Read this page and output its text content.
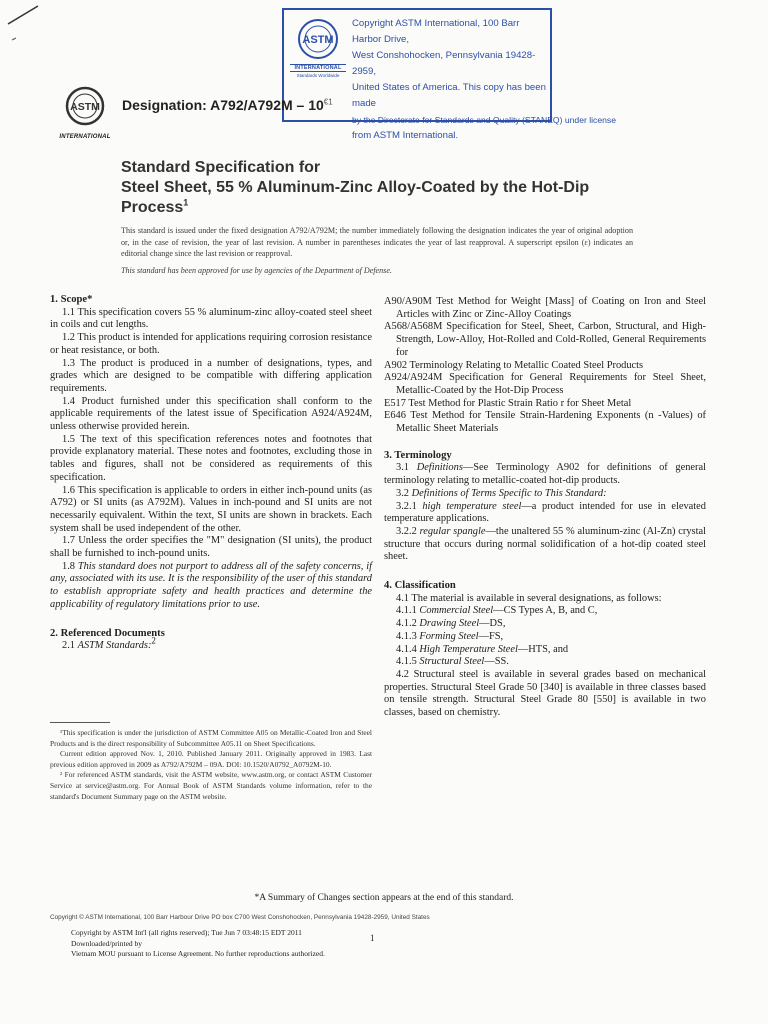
ASTM
INTERNATIONAL
Standards Worldwide
Copyright ASTM International, 100 Barr Harbor Drive,
West Conshohocken, Pennsylvania 19428-2959,
United States of America. This copy has been made
by the Directorate for Standards and Quality (STANEQ) under license
from ASTM International.
ASTM
INTERNATIONAL
Designation: $A792/A792M - 10^{€1}$
Standard Specification for
Steel Sheet, 55 % Aluminum-Zinc Alloy-Coated by the Hot-Dip Process$^1$
This standard is issued under the fixed designation A792/A792M; the number immediately following the designation indicates the year of original adoption or, in the case of revision, the year of last revision. A number in parentheses indicates the year of last reapproval. A superscript epsilon (ε) indicates an editorial change since the last revision or reapproval.
This standard has been approved for use by agencies of the Department of Defense.
1. Scope*

1.1 This specification covers 55 % aluminum-zinc alloy-coated steel sheet in coils and cut lengths.

1.2 This product is intended for applications requiring corrosion resistance or heat resistance, or both.

1.3 The product is produced in a number of designations, types, and grades which are designed to be compatible with differing application requirements.

1.4 Product furnished under this specification shall conform to the applicable requirements of the latest issue of Specification A924/A924M, unless otherwise provided herein.

1.5 The text of this specification references notes and footnotes that provide explanatory material. These notes and footnotes, excluding those in tables and figures, shall not be considered as requirements of this specification.

1.6 This specification is applicable to orders in either inch-pound units (as A792) or SI units (as A792M). Values in inch-pound and SI units are not necessarily equivalent. Within the text, SI units are shown in brackets. Each system shall be used independent of the other.

1.7 Unless the order specifies the "M" designation (SI units), the product shall be furnished to inch-pound units.

1.8 This standard does not purport to address all of the safety concerns, if any, associated with its use. It is the responsibility of the user of this standard to establish appropriate safety and health practices and determine the applicability of regulatory limitations prior to use.

2. Referenced Documents

2.1 ASTM Standards:$^2$

¹This specification is under the jurisdiction of ASTM Committee A05 on Metallic-Coated Iron and Steel Products and is the direct responsibility of Subcommittee A05.11 on Sheet Specifications.

Current edition approved Nov. 1, 2010. Published January 2011. Originally approved in 1983. Last previous edition approved in 2009 as A792/A792M – 09A. DOI: 10.1520/A0792_A0792M-10.

² For referenced ASTM standards, visit the ASTM website, www.astm.org, or contact ASTM Customer Service at service@astm.org. For Annual Book of ASTM Standards volume information, refer to the standard's Document Summary page on the ASTM website.

A90/A90M Test Method for Weight [Mass] of Coating on Iron and Steel Articles with Zinc or Zinc-Alloy Coatings

A568/A568M Specification for Steel, Sheet, Carbon, Structural, and High-Strength, Low-Alloy, Hot-Rolled and Cold-Rolled, General Requirements for

A902 Terminology Relating to Metallic Coated Steel Products

A924/A924M Specification for General Requirements for Steel Sheet, Metallic-Coated by the Hot-Dip Process

E517 Test Method for Plastic Strain Ratio r for Sheet Metal

E646 Test Method for Tensile Strain-Hardening Exponents (n -Values) of Metallic Sheet Materials

3. Terminology

3.1 Definitions—See Terminology A902 for definitions of general terminology relating to metallic-coated hot-dip products.

3.2 Definitions of Terms Specific to This Standard:

3.2.1 high temperature steel—a product intended for use in elevated temperature applications.

3.2.2 regular spangle—the unaltered 55 % aluminum-zinc (Al-Zn) crystal structure that occurs during normal solidification of a hot-dip coated steel sheet.

4. Classification

4.1 The material is available in several designations, as follows:

4.1.1 Commercial Steel—CS Types A, B, and C,

4.1.2 Drawing Steel—DS,

4.1.3 Forming Steel—FS,

4.1.4 High Temperature Steel—HTS, and

4.1.5 Structural Steel—SS.

4.2 Structural steel is available in several grades based on mechanical properties. Structural Steel Grade 50 [340] is available in three classes based on tensile strength. Structural Steel Grade 80 [550] is available in two classes, based on chemistry.

*A Summary of Changes section appears at the end of this standard.
Copyright © ASTM International, 100 Barr Harbour Drive PO box C700 West Conshohocken, Pennsylvania 19428-2959, United States
Copyright by ASTM Int'l (all rights reserved); Tue Jun 7 03:48:15 EDT 2011
Downloaded/printed by
Vietnam MOU pursuant to License Agreement. No further reproductions authorized.
1
